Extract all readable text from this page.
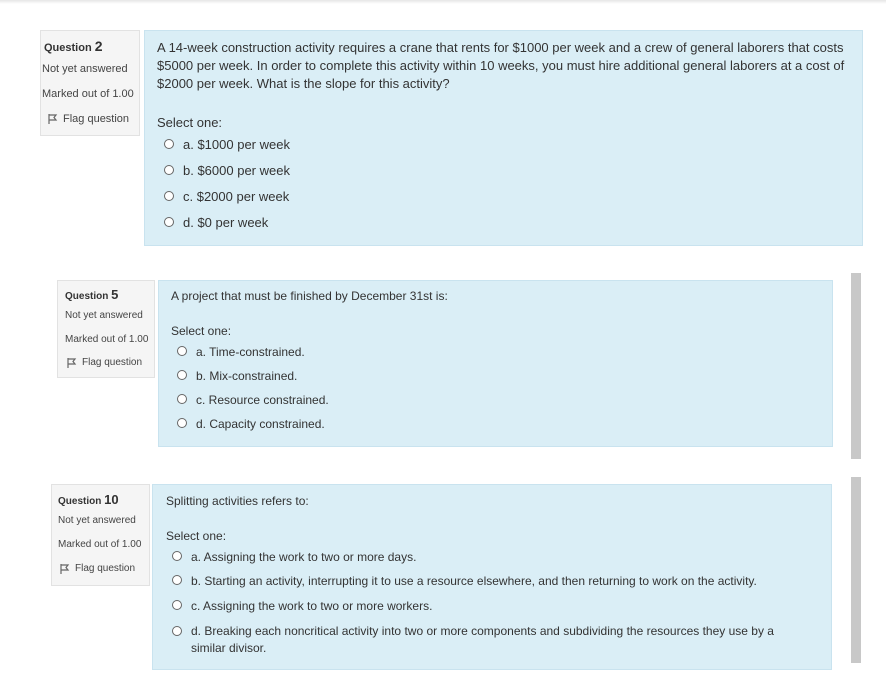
Question 2
Not yet answered
Marked out of 1.00
Flag question
A 14-week construction activity requires a crane that rents for $1000 per week and a crew of general laborers that costs $5000 per week. In order to complete this activity within 10 weeks, you must hire additional general laborers at a cost of $2000 per week. What is the slope for this activity?
Select one:
a. $1000 per week
b. $6000 per week
c. $2000 per week
d. $0 per week
Question 5
Not yet answered
Marked out of 1.00
Flag question
A project that must be finished by December 31st is:
Select one:
a. Time-constrained.
b. Mix-constrained.
c. Resource constrained.
d. Capacity constrained.
Question 10
Not yet answered
Marked out of 1.00
Flag question
Splitting activities refers to:
Select one:
a. Assigning the work to two or more days.
b. Starting an activity, interrupting it to use a resource elsewhere, and then returning to work on the activity.
c. Assigning the work to two or more workers.
d. Breaking each noncritical activity into two or more components and subdividing the resources they use by a similar divisor.
